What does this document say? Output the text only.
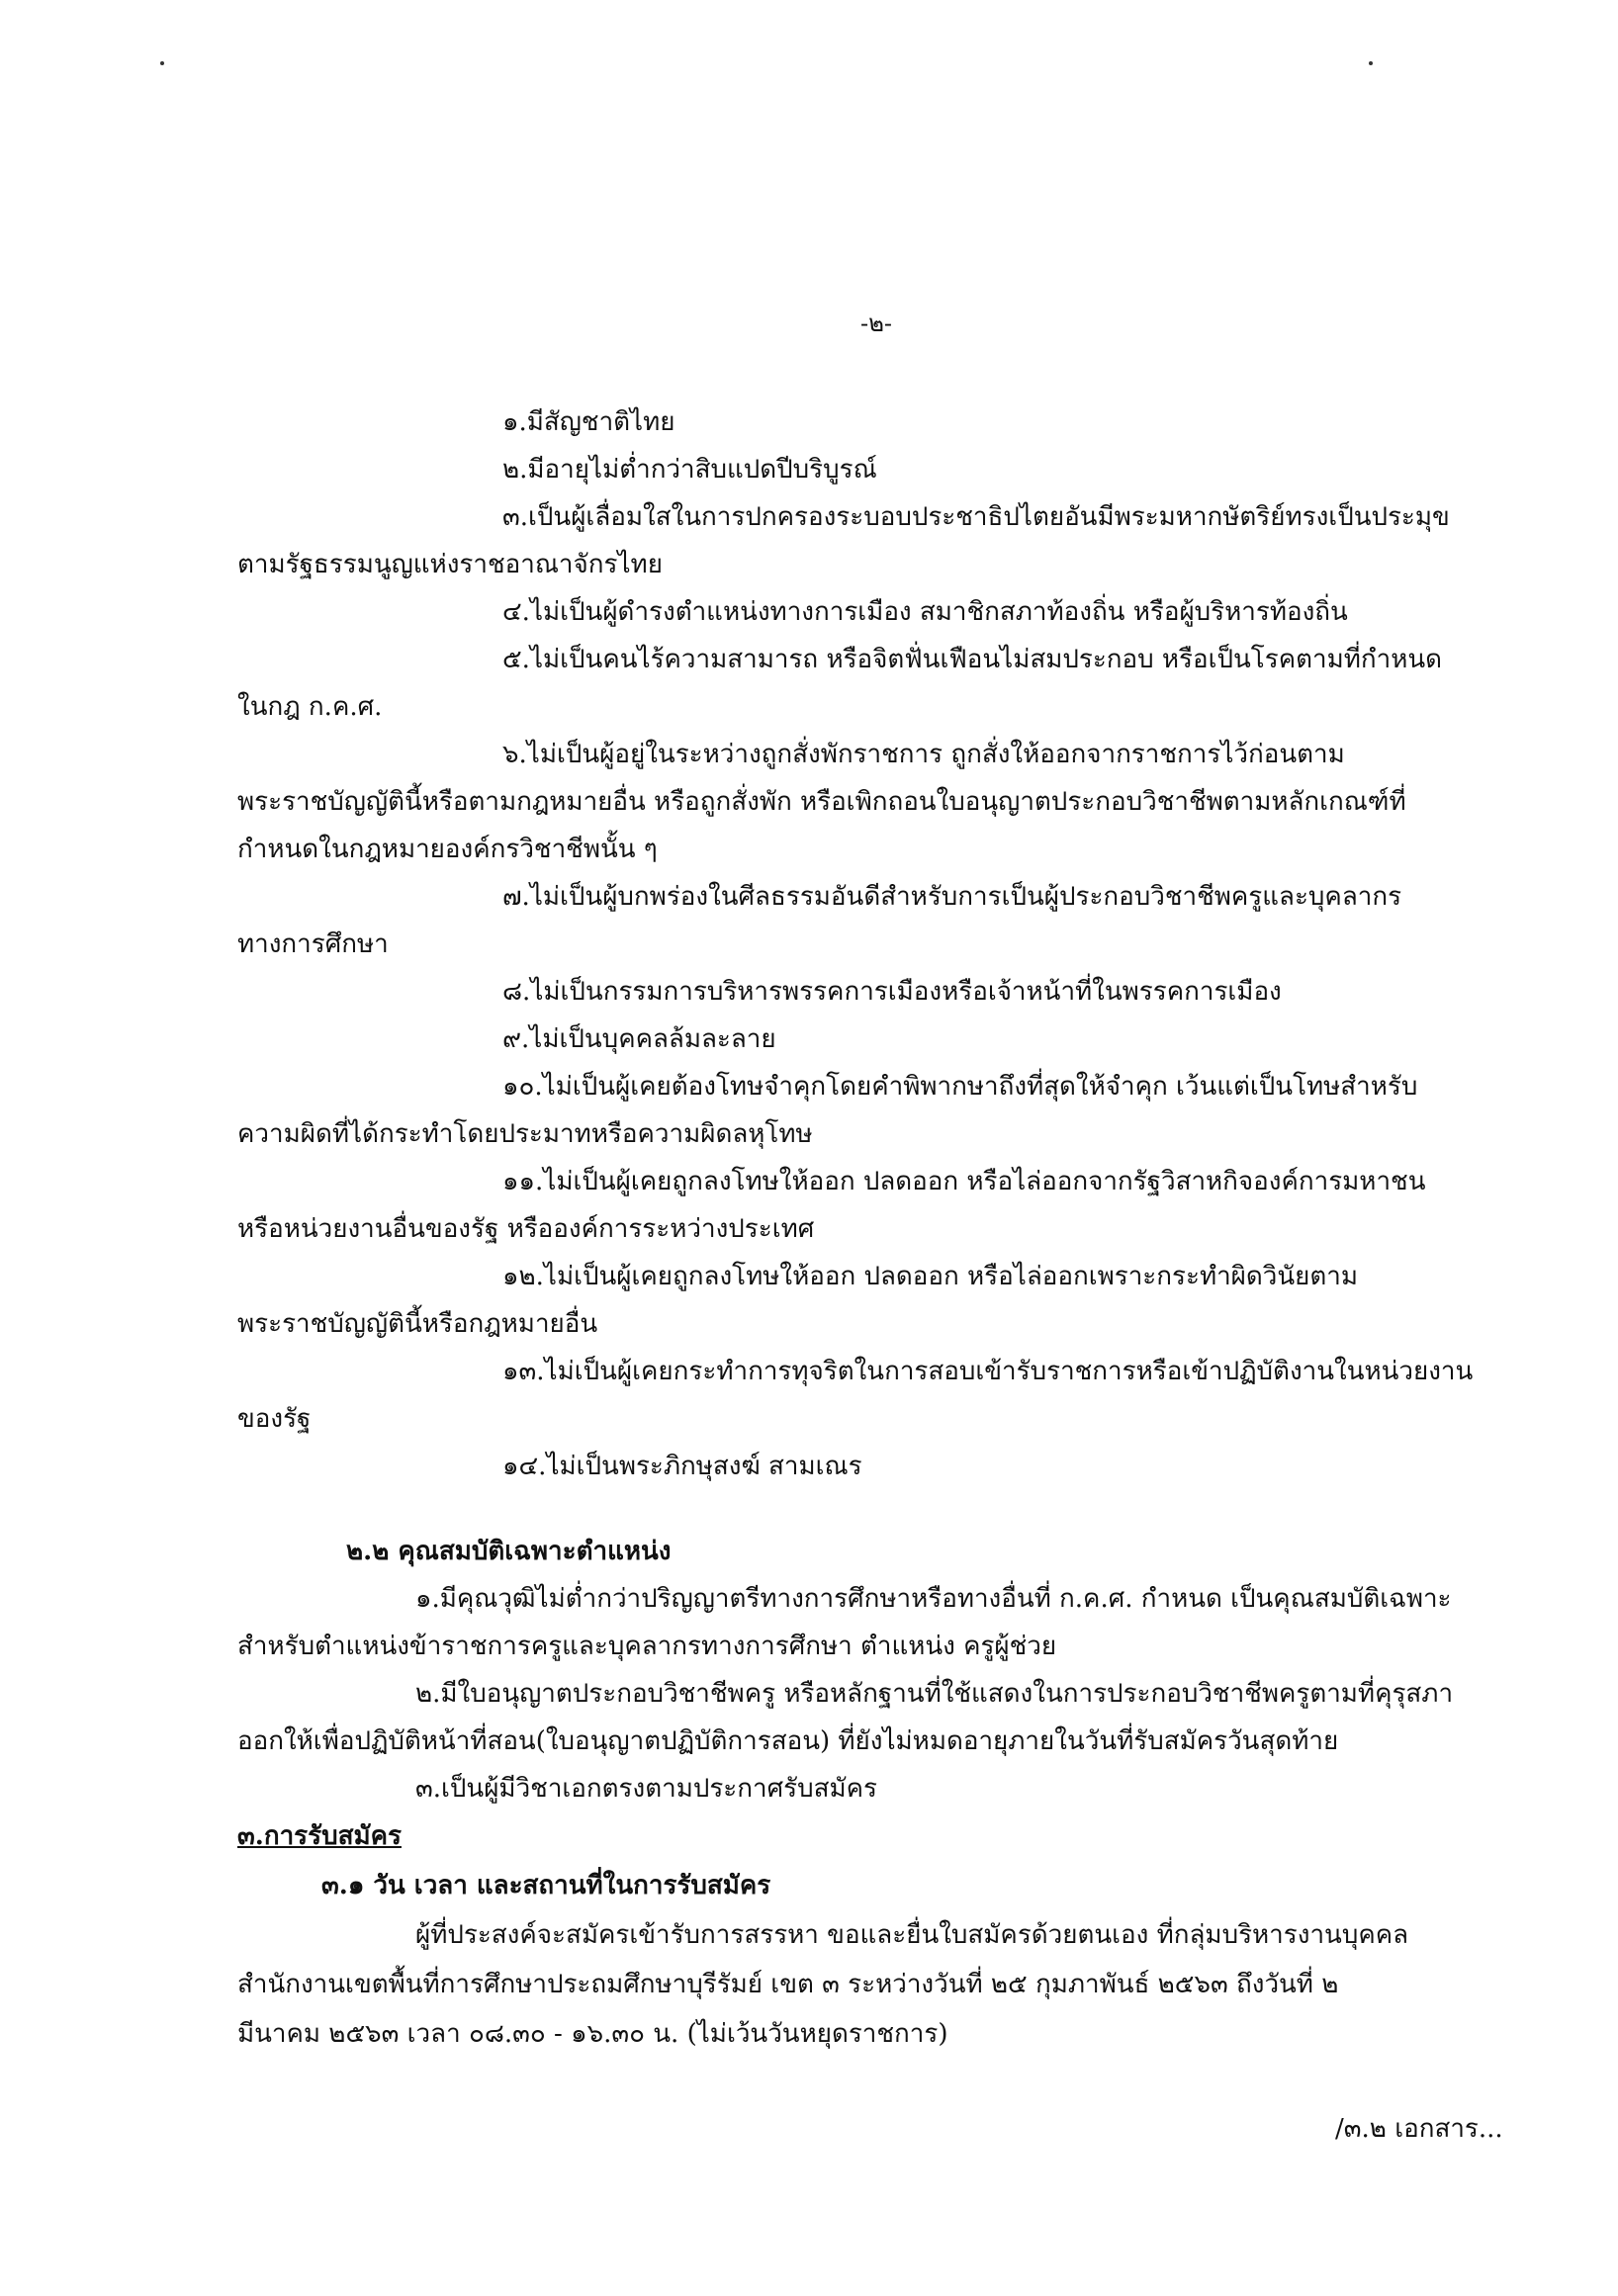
-๒-
๑.มีสัญชาติไทย
๒.มีอายุไม่ต่ำกว่าสิบแปดปีบริบูรณ์
๓.เป็นผู้เลื่อมใสในการปกครองระบอบประชาธิปไตยอันมีพระมหากษัตริย์ทรงเป็นประมุข
ตามรัฐธรรมนูญแห่งราชอาณาจักรไทย
๔.ไม่เป็นผู้ดำรงตำแหน่งทางการเมือง สมาชิกสภาท้องถิ่น หรือผู้บริหารท้องถิ่น
๕.ไม่เป็นคนไร้ความสามารถ หรือจิตฟั่นเฟือนไม่สมประกอบ หรือเป็นโรคตามที่กำหนด
ในกฎ ก.ค.ศ.
๖.ไม่เป็นผู้อยู่ในระหว่างถูกสั่งพักราชการ ถูกสั่งให้ออกจากราชการไว้ก่อนตาม
พระราชบัญญัตินี้หรือตามกฎหมายอื่น หรือถูกสั่งพัก หรือเพิกถอนใบอนุญาตประกอบวิชาชีพตามหลักเกณฑ์ที่
กำหนดในกฎหมายองค์กรวิชาชีพนั้น ๆ
๗.ไม่เป็นผู้บกพร่องในศีลธรรมอันดีสำหรับการเป็นผู้ประกอบวิชาชีพครูและบุคลากร
ทางการศึกษา
๘.ไม่เป็นกรรมการบริหารพรรคการเมืองหรือเจ้าหน้าที่ในพรรคการเมือง
๙.ไม่เป็นบุคคลล้มละลาย
๑๐.ไม่เป็นผู้เคยต้องโทษจำคุกโดยคำพิพากษาถึงที่สุดให้จำคุก เว้นแต่เป็นโทษสำหรับ
ความผิดที่ได้กระทำโดยประมาทหรือความผิดลหุโทษ
๑๑.ไม่เป็นผู้เคยถูกลงโทษให้ออก ปลดออก หรือไล่ออกจากรัฐวิสาหกิจองค์การมหาชน
หรือหน่วยงานอื่นของรัฐ หรือองค์การระหว่างประเทศ
๑๒.ไม่เป็นผู้เคยถูกลงโทษให้ออก ปลดออก หรือไล่ออกเพราะกระทำผิดวินัยตาม
พระราชบัญญัตินี้หรือกฎหมายอื่น
๑๓.ไม่เป็นผู้เคยกระทำการทุจริตในการสอบเข้ารับราชการหรือเข้าปฏิบัติงานในหน่วยงาน
ของรัฐ
๑๔.ไม่เป็นพระภิกษุสงฆ์ สามเณร
๒.๒ คุณสมบัติเฉพาะตำแหน่ง
๑.มีคุณวุฒิไม่ต่ำกว่าปริญญาตรีทางการศึกษาหรือทางอื่นที่ ก.ค.ศ. กำหนด เป็นคุณสมบัติเฉพาะ
สำหรับตำแหน่งข้าราชการครูและบุคลากรทางการศึกษา ตำแหน่ง ครูผู้ช่วย
๒.มีใบอนุญาตประกอบวิชาชีพครู หรือหลักฐานที่ใช้แสดงในการประกอบวิชาชีพครูตามที่คุรุสภา
ออกให้เพื่อปฏิบัติหน้าที่สอน(ใบอนุญาตปฏิบัติการสอน) ที่ยังไม่หมดอายุภายในวันที่รับสมัครวันสุดท้าย
๓.เป็นผู้มีวิชาเอกตรงตามประกาศรับสมัคร
๓.การรับสมัคร
๓.๑ วัน เวลา และสถานที่ในการรับสมัคร
ผู้ที่ประสงค์จะสมัครเข้ารับการสรรหา ขอและยื่นใบสมัครด้วยตนเอง ที่กลุ่มบริหารงานบุคคล
สำนักงานเขตพื้นที่การศึกษาประถมศึกษาบุรีรัมย์ เขต ๓ ระหว่างวันที่ ๒๕ กุมภาพันธ์ ๒๕๖๓ ถึงวันที่ ๒
มีนาคม ๒๕๖๓ เวลา ๐๘.๓๐ - ๑๖.๓๐ น. (ไม่เว้นวันหยุดราชการ)
/๓.๒ เอกสาร...
